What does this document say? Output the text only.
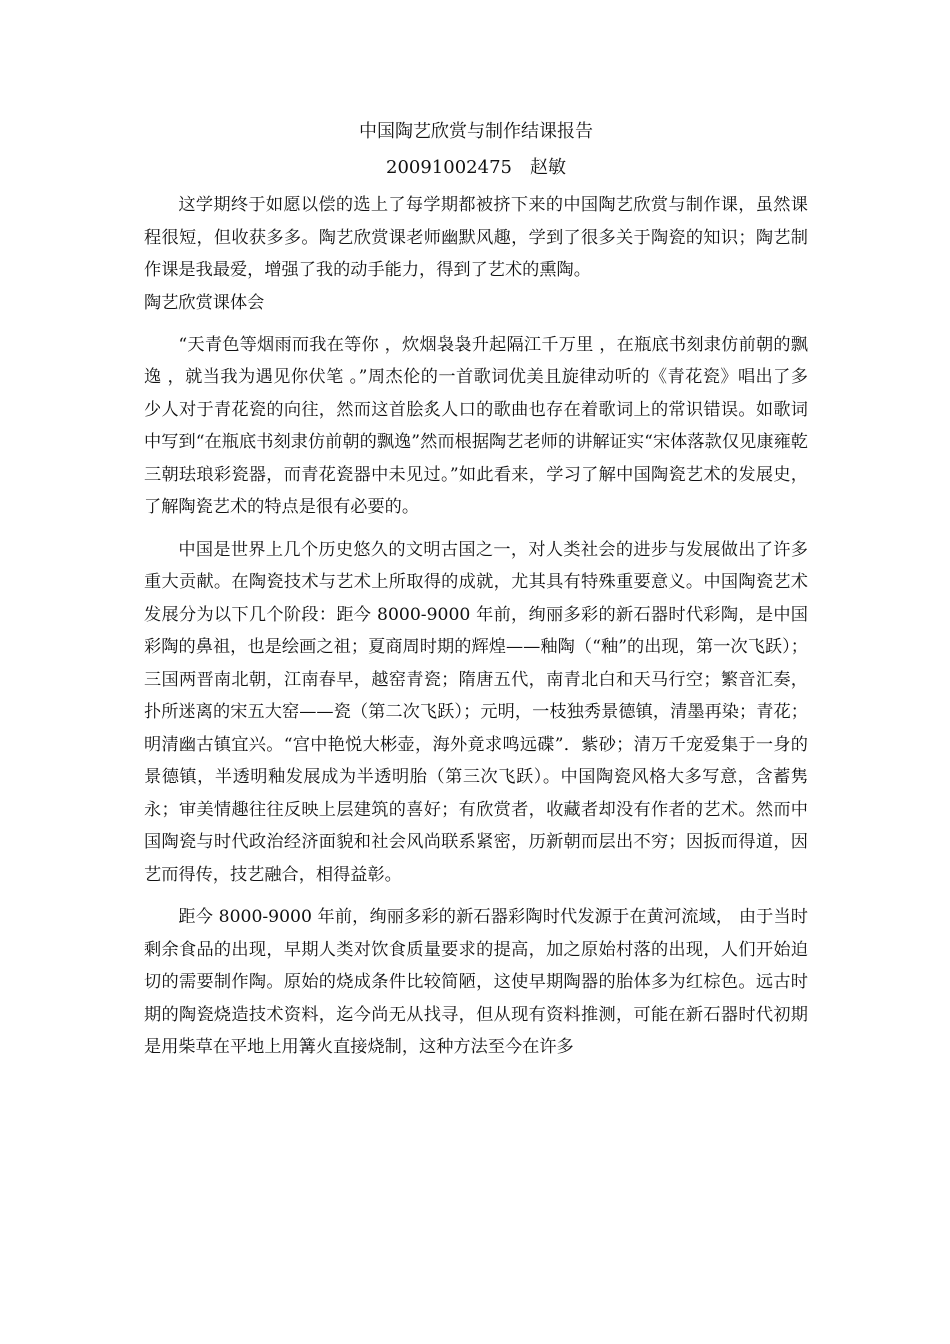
中国陶艺欣赏与制作结课报告
20091002475　赵敏

这学期终于如愿以偿的选上了每学期都被挤下来的中国陶艺欣赏与制作课，虽然课程很短，但收获多多。陶艺欣赏课老师幽默风趣，学到了很多关于陶瓷的知识；陶艺制作课是我最爱，增强了我的动手能力，得到了艺术的熏陶。

陶艺欣赏课体会

“天青色等烟雨而我在等你 ，炊烟袅袅升起隔江千万里 ，在瓶底书刻隶仿前朝的飘逸 ，就当我为遇见你伏笔 。”周杰伦的一首歌词优美且旋律动听的《青花瓷》唱出了多少人对于青花瓷的向往，然而这首脍炙人口的歌曲也存在着歌词上的常识错误。如歌词中写到“在瓶底书刻隶仿前朝的飘逸”然而根据陶艺老师的讲解证实“宋体落款仅见康雍乾三朝珐琅彩瓷器，而青花瓷器中未见过。”如此看来，学习了解中国陶瓷艺术的发展史，了解陶瓷艺术的特点是很有必要的。

中国是世界上几个历史悠久的文明古国之一，对人类社会的进步与发展做出了许多重大贡献。在陶瓷技术与艺术上所取得的成就，尤其具有特殊重要意义。中国陶瓷艺术发展分为以下几个阶段：距今 8000-9000 年前，绚丽多彩的新石器时代彩陶，是中国彩陶的鼻祖，也是绘画之祖；夏商周时期的辉煌——釉陶（“釉”的出现，第一次飞跃）；三国两晋南北朝，江南春早，越窑青瓷；隋唐五代，南青北白和天马行空；繁音汇奏，扑所迷离的宋五大窑——瓷（第二次飞跃）；元明，一枝独秀景德镇，清墨再染；青花；明清幽古镇宜兴。“宫中艳悦大彬壶，海外竟求鸣远碟”．紫砂；清万千宠爱集于一身的景德镇，半透明釉发展成为半透明胎（第三次飞跃）。中国陶瓷风格大多写意，含蓄隽永；审美情趣往往反映上层建筑的喜好；有欣赏者，收藏者却没有作者的艺术。然而中国陶瓷与时代政治经济面貌和社会风尚联系紧密，历新朝而层出不穷；因扳而得道，因艺而得传，技艺融合，相得益彰。

距今 8000-9000 年前，绚丽多彩的新石器彩陶时代发源于在黄河流域， 由于当时剩余食品的出现，早期人类对饮食质量要求的提高，加之原始村落的出现，人们开始迫切的需要制作陶。原始的烧成条件比较简陋，这使早期陶器的胎体多为红棕色。远古时期的陶瓷烧造技术资料，迄今尚无从找寻，但从现有资料推测，可能在新石器时代初期是用柴草在平地上用篝火直接烧制，这种方法至今在许多
